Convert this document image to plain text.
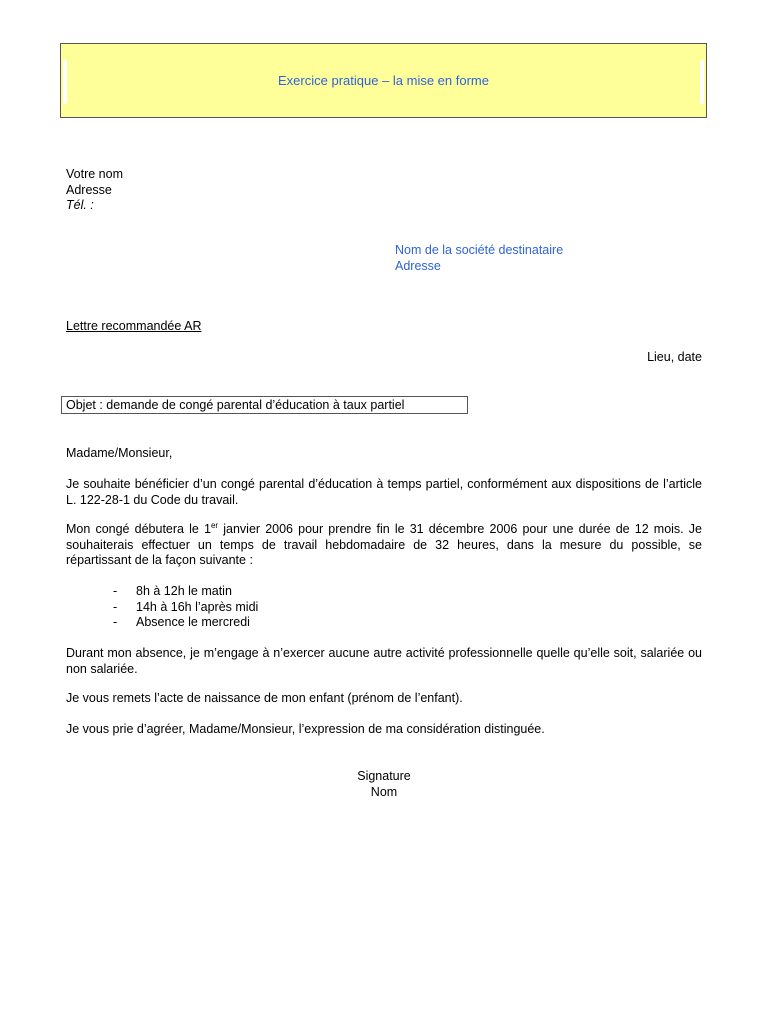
Exercice pratique – la mise en forme
Votre nom
Adresse
Tél. :
Nom de la société destinataire
Adresse
Lettre recommandée AR
Lieu, date
Objet : demande de congé parental d’éducation à taux partiel
Madame/Monsieur,

Je souhaite bénéficier d’un congé parental d’éducation à temps partiel, conformément aux dispositions de l’article L. 122-28-1 du Code du travail.

Mon congé débutera le 1er janvier 2006 pour prendre fin le 31 décembre 2006 pour une durée de 12 mois. Je souhaiterais effectuer un temps de travail hebdomadaire de 32 heures, dans la mesure du possible, se répartissant de la façon suivante :

- 8h à 12h le matin
- 14h à 16h l’après midi
- Absence le mercredi

Durant mon absence, je m’engage à n’exercer aucune autre activité professionnelle quelle qu’elle soit, salariée ou non salariée.

Je vous remets l’acte de naissance de mon enfant (prénom de l’enfant).
Je vous prie d’agréer, Madame/Monsieur, l’expression de ma considération distinguée.
Signature
Nom
